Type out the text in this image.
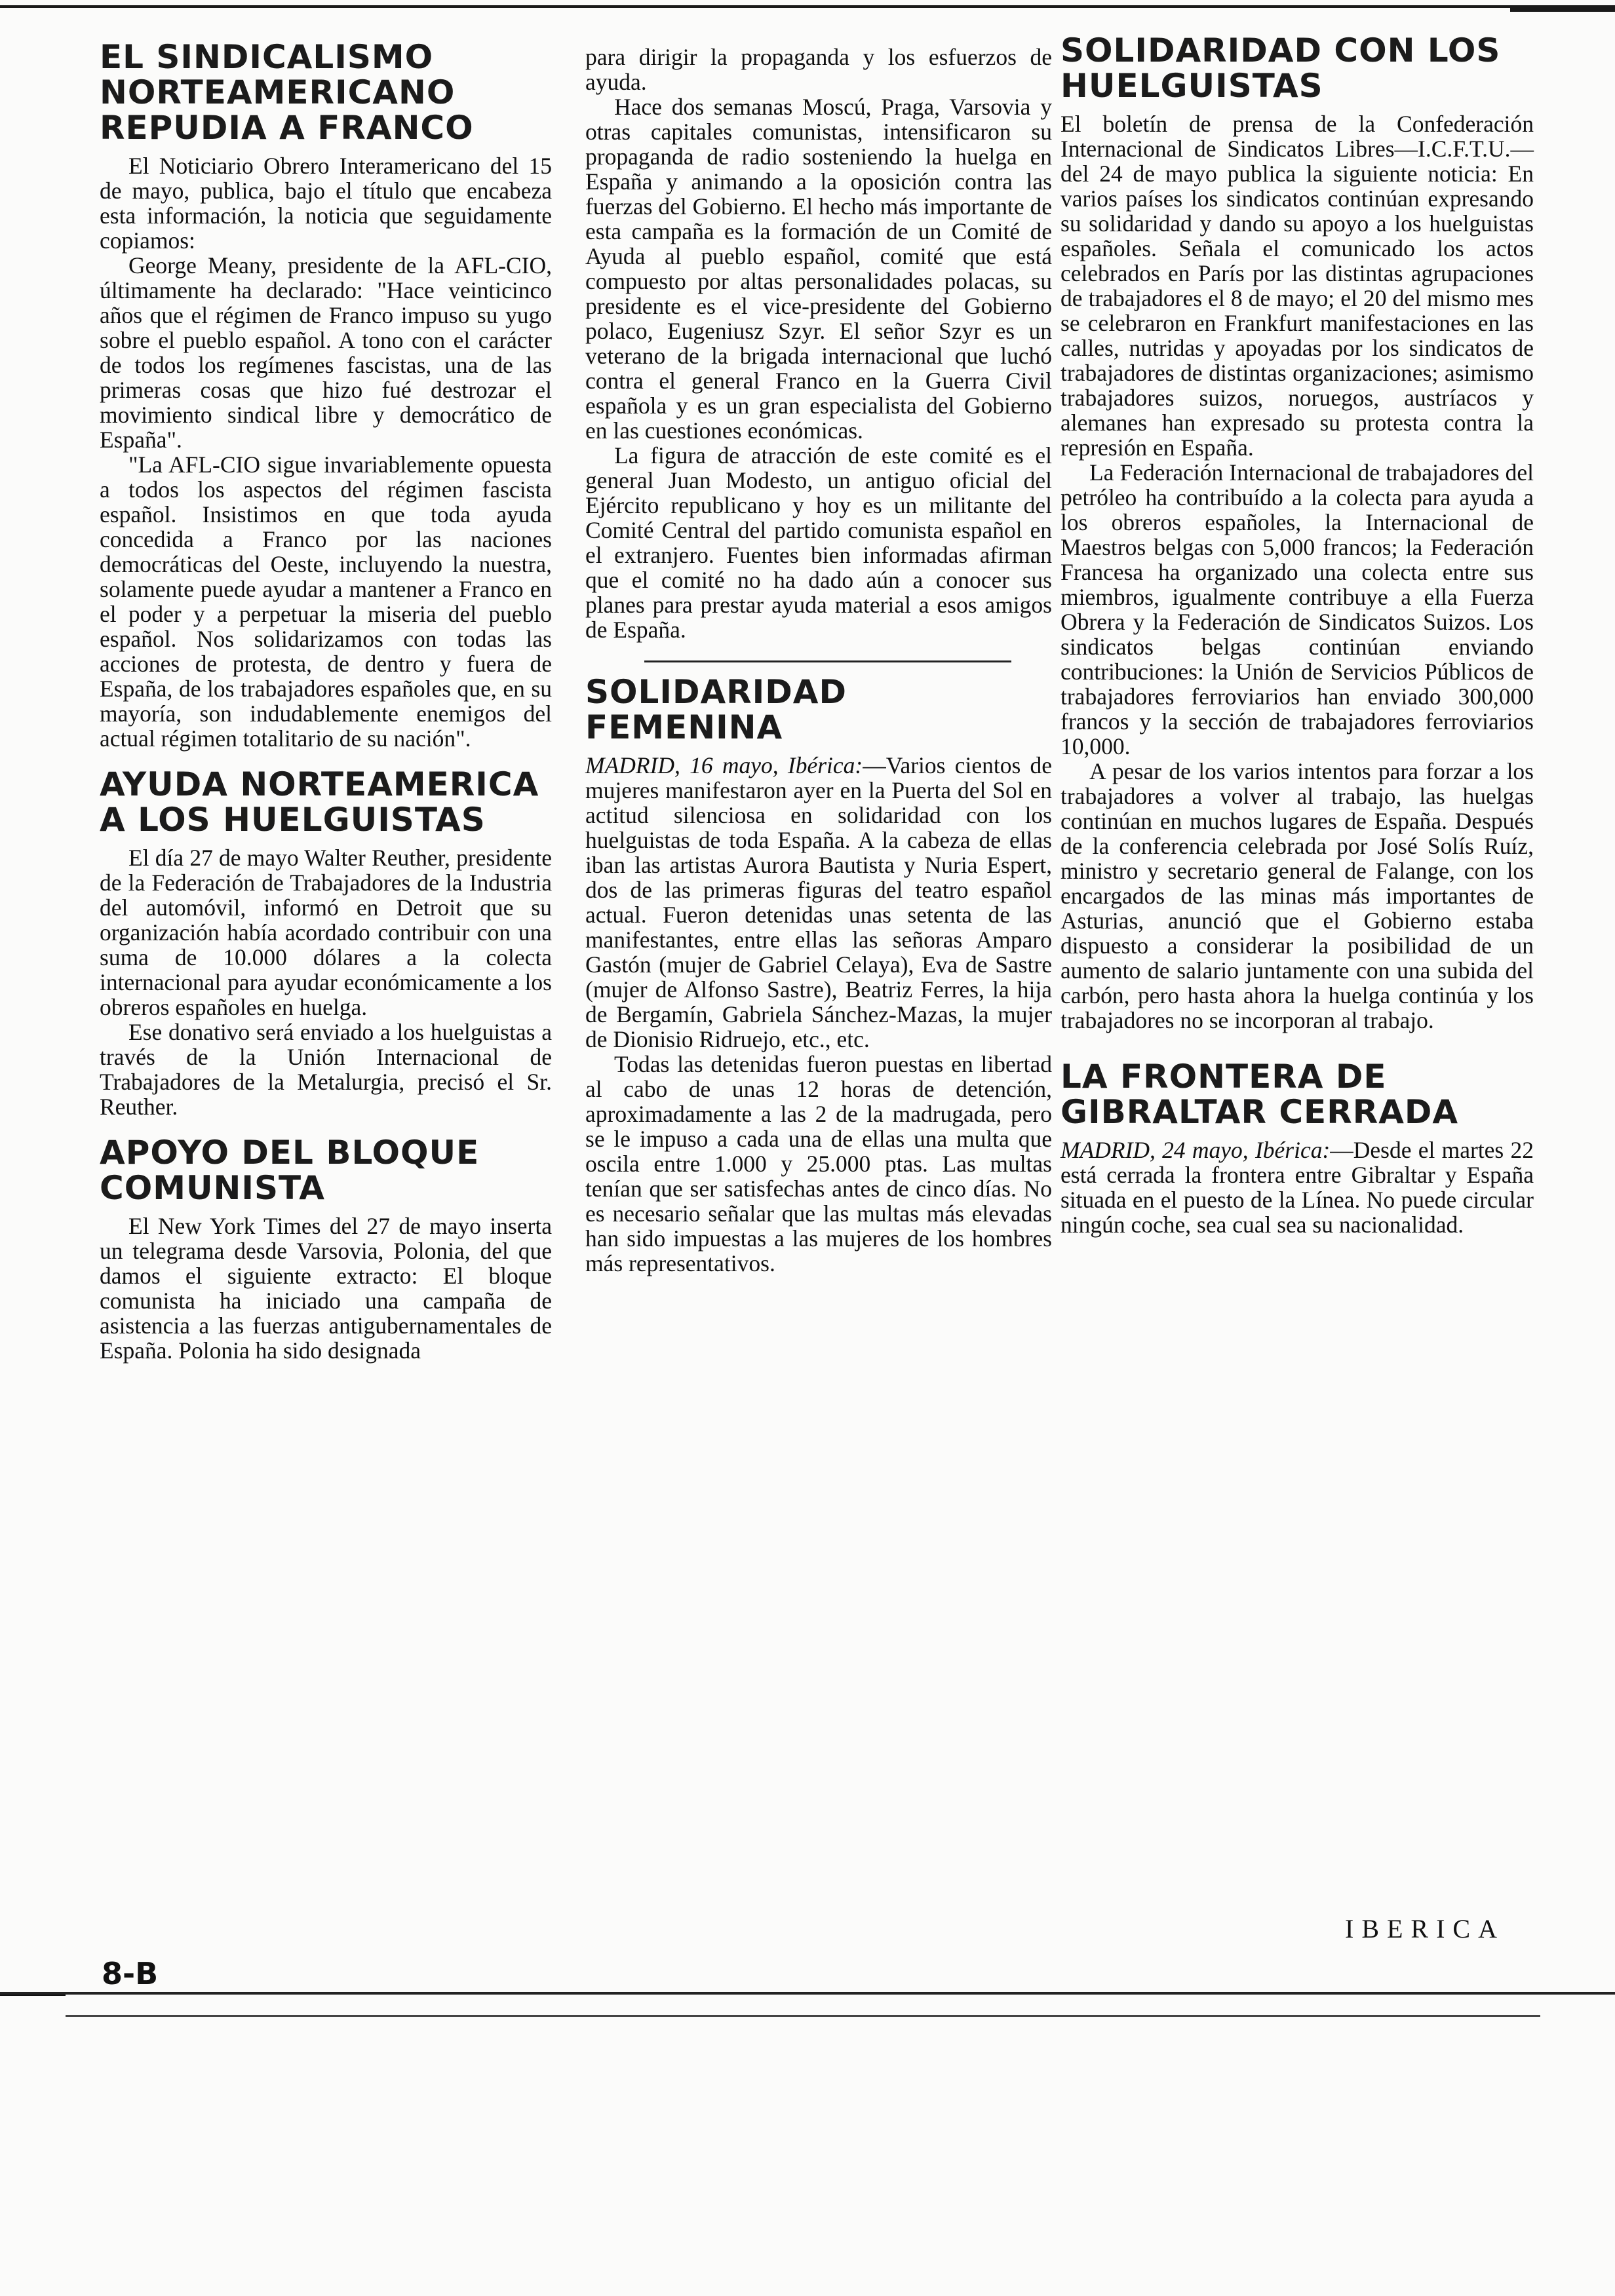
EL SINDICALISMO NORTEAMERICANO REPUDIA A FRANCO

El Noticiario Obrero Interamericano del 15 de mayo, publica, bajo el título que encabeza esta información, la noticia que seguidamente copiamos:

George Meany, presidente de la AFL-CIO, últimamente ha declarado: "Hace veinticinco años que el régimen de Franco impuso su yugo sobre el pueblo español. A tono con el carácter de todos los regímenes fascistas, una de las primeras cosas que hizo fué destrozar el movimiento sindical libre y democrático de España".

"La AFL-CIO sigue invariablemente opuesta a todos los aspectos del régimen fascista español. Insistimos en que toda ayuda concedida a Franco por las naciones democráticas del Oeste, incluyendo la nuestra, solamente puede ayudar a mantener a Franco en el poder y a perpetuar la miseria del pueblo español. Nos solidarizamos con todas las acciones de protesta, de dentro y fuera de España, de los trabajadores españoles que, en su mayoría, son indudablemente enemigos del actual régimen totalitario de su nación".

AYUDA NORTEAMERICA A LOS HUELGUISTAS

El día 27 de mayo Walter Reuther, presidente de la Federación de Trabajadores de la Industria del automóvil, informó en Detroit que su organización había acordado contribuir con una suma de 10.000 dólares a la colecta internacional para ayudar económicamente a los obreros españoles en huelga.

Ese donativo será enviado a los huelguistas a través de la Unión Internacional de Trabajadores de la Metalurgia, precisó el Sr. Reuther.

APOYO DEL BLOQUE COMUNISTA

El New York Times del 27 de mayo inserta un telegrama desde Varsovia, Polonia, del que damos el siguiente extracto: El bloque comunista ha iniciado una campaña de asistencia a las fuerzas antigubernamentales de España. Polonia ha sido designada

para dirigir la propaganda y los esfuerzos de ayuda.

Hace dos semanas Moscú, Praga, Varsovia y otras capitales comunistas, intensificaron su propaganda de radio sosteniendo la huelga en España y animando a la oposición contra las fuerzas del Gobierno. El hecho más importante de esta campaña es la formación de un Comité de Ayuda al pueblo español, comité que está compuesto por altas personalidades polacas, su presidente es el vice-presidente del Gobierno polaco, Eugeniusz Szyr. El señor Szyr es un veterano de la brigada internacional que luchó contra el general Franco en la Guerra Civil española y es un gran especialista del Gobierno en las cuestiones económicas.

La figura de atracción de este comité es el general Juan Modesto, un antiguo oficial del Ejército republicano y hoy es un militante del Comité Central del partido comunista español en el extranjero. Fuentes bien informadas afirman que el comité no ha dado aún a conocer sus planes para prestar ayuda material a esos amigos de España.

SOLIDARIDAD FEMENINA

MADRID, 16 mayo, Ibérica:—Varios cientos de mujeres manifestaron ayer en la Puerta del Sol en actitud silenciosa en solidaridad con los huelguistas de toda España. A la cabeza de ellas iban las artistas Aurora Bautista y Nuria Espert, dos de las primeras figuras del teatro español actual. Fueron detenidas unas setenta de las manifestantes, entre ellas las señoras Amparo Gastón (mujer de Gabriel Celaya), Eva de Sastre (mujer de Alfonso Sastre), Beatriz Ferres, la hija de Bergamín, Gabriela Sánchez-Mazas, la mujer de Dionisio Ridruejo, etc., etc.

Todas las detenidas fueron puestas en libertad al cabo de unas 12 horas de detención, aproximadamente a las 2 de la madrugada, pero se le impuso a cada una de ellas una multa que oscila entre 1.000 y 25.000 ptas. Las multas tenían que ser satisfechas antes de cinco días. No es necesario señalar que las multas más elevadas han sido impuestas a las mujeres de los hombres más representativos.

SOLIDARIDAD CON LOS HUELGUISTAS

El boletín de prensa de la Confederación Internacional de Sindicatos Libres—I.C.F.T.U.—del 24 de mayo publica la siguiente noticia: En varios países los sindicatos continúan expresando su solidaridad y dando su apoyo a los huelguistas españoles. Señala el comunicado los actos celebrados en París por las distintas agrupaciones de trabajadores el 8 de mayo; el 20 del mismo mes se celebraron en Frankfurt manifestaciones en las calles, nutridas y apoyadas por los sindicatos de trabajadores de distintas organizaciones; asimismo trabajadores suizos, noruegos, austríacos y alemanes han expresado su protesta contra la represión en España.

La Federación Internacional de trabajadores del petróleo ha contribuído a la colecta para ayuda a los obreros españoles, la Internacional de Maestros belgas con 5,000 francos; la Federación Francesa ha organizado una colecta entre sus miembros, igualmente contribuye a ella Fuerza Obrera y la Federación de Sindicatos Suizos. Los sindicatos belgas continúan enviando contribuciones: la Unión de Servicios Públicos de trabajadores ferroviarios han enviado 300,000 francos y la sección de trabajadores ferroviarios 10,000.

A pesar de los varios intentos para forzar a los trabajadores a volver al trabajo, las huelgas continúan en muchos lugares de España. Después de la conferencia celebrada por José Solís Ruíz, ministro y secretario general de Falange, con los encargados de las minas más importantes de Asturias, anunció que el Gobierno estaba dispuesto a considerar la posibilidad de un aumento de salario juntamente con una subida del carbón, pero hasta ahora la huelga continúa y los trabajadores no se incorporan al trabajo.

LA FRONTERA DE GIBRALTAR CERRADA

MADRID, 24 mayo, Ibérica:—Desde el martes 22 está cerrada la frontera entre Gibraltar y España situada en el puesto de la Línea. No puede circular ningún coche, sea cual sea su nacionalidad.

IBERICA
8-B
